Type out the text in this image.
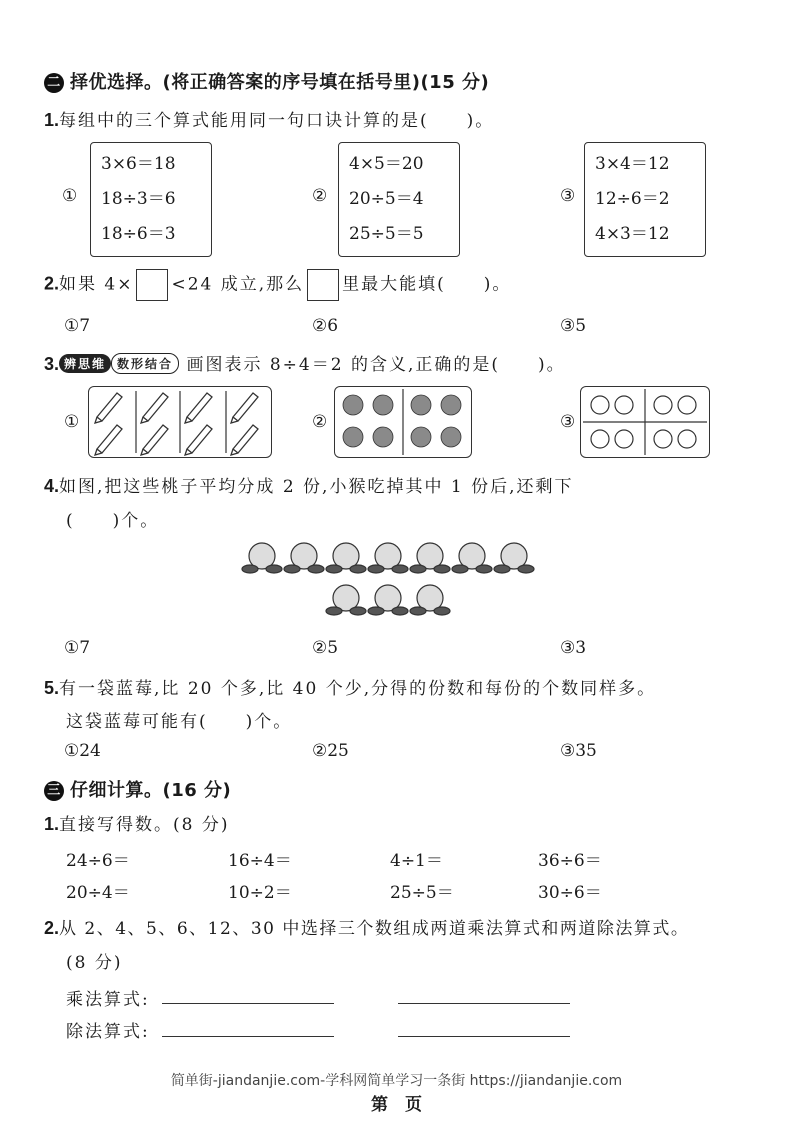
二 择优选择。(将正确答案的序号填在括号里)(15 分)
1.每组中的三个算式能用同一句口诀计算的是(　　)。
①
3×6＝18
18÷3＝6
18÷6＝3
②
4×5＝20
20÷5＝4
25÷5＝5
③
3×4＝12
12÷6＝2
4×3＝12
2.如果 4× <24 成立,那么 里最大能填(　　)。
①7	②6	③5
3. 辨思维 数形结合 画图表示 8÷4＝2 的含义,正确的是(　　)。
①	②	③
4.如图,把这些桃子平均分成 2 份,小猴吃掉其中 1 份后,还剩下
(　　)个。
①7	②5	③3
5.有一袋蓝莓,比 20 个多,比 40 个少,分得的份数和每份的个数同样多。
这袋蓝莓可能有(　　)个。
①24	②25	③35
三 仔细计算。(16 分)
1.直接写得数。(8 分)
24÷6＝	16÷4＝	4÷1＝	36÷6＝
20÷4＝	10÷2＝	25÷5＝	30÷6＝
2.从 2、4、5、6、12、30 中选择三个数组成两道乘法算式和两道除法算式。
(8 分)
乘法算式:
除法算式:
简单街-jiandanjie.com-学科网简单学习一条街 https://jiandanjie.com
第　页
